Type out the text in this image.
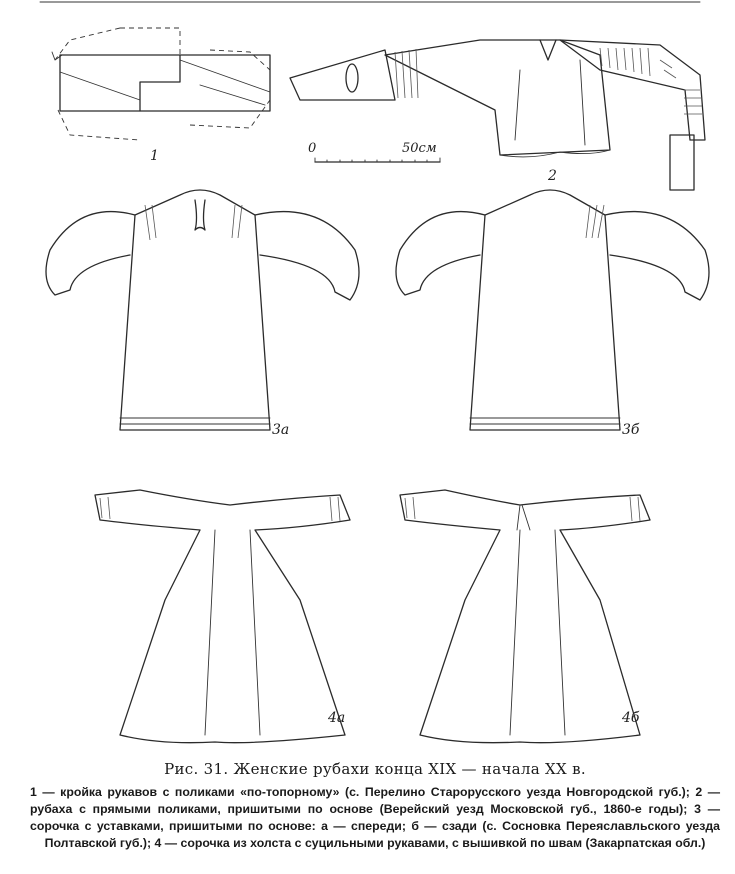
1
2
0	50см
3а	3б
4а	4б
Рис. 31. Женские рубахи конца XIX — начала XX в.
1 — кройка рукавов с поликами «по-топорному» (с. Перелино Старорусского уезда Новгородской губ.); 2 — рубаха с прямыми поликами, пришитыми по основе (Верейский уезд Московской губ., 1860-е годы); 3 — сорочка с уставками, пришитыми по основе: а — спереди; б — сзади (с. Сосновка Переяславльского уезда Полтавской губ.); 4 — сорочка из холста с суцильными рукавами, с вышивкой по швам (Закарпатская обл.)
